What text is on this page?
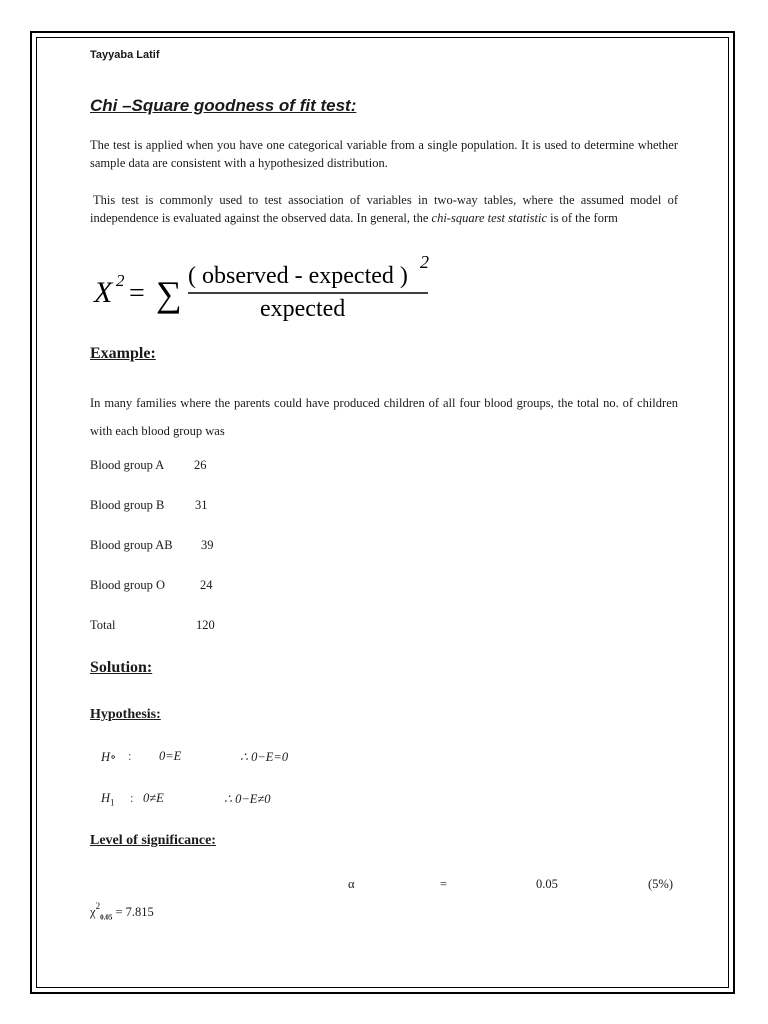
Tayyaba Latif
Chi –Square goodness of fit test:

The test is applied when you have one categorical variable from a single population. It is used to determine whether sample data are consistent with a hypothesized distribution.

This test is commonly used to test association of variables in two-way tables, where the assumed model of independence is evaluated against the observed data. In general, the chi-square test statistic is of the form

X 2 = ∑ ( observed - expected )
2
expected
Example:

In many families where the parents could have produced children of all four blood groups, the total no. of children with each blood group was

Blood group A 26
Blood group B 31
Blood group AB 39
Blood group O	24
Total	120
Solution:
Hypothesis:
H∘ : 0=E	∴ 0−E=0
$H_1$ : 0≠E	∴ 0−E≠0
Level of significance:
α	=	0.05	(5%)
$\chi^2_{0.05} = 7.815$
